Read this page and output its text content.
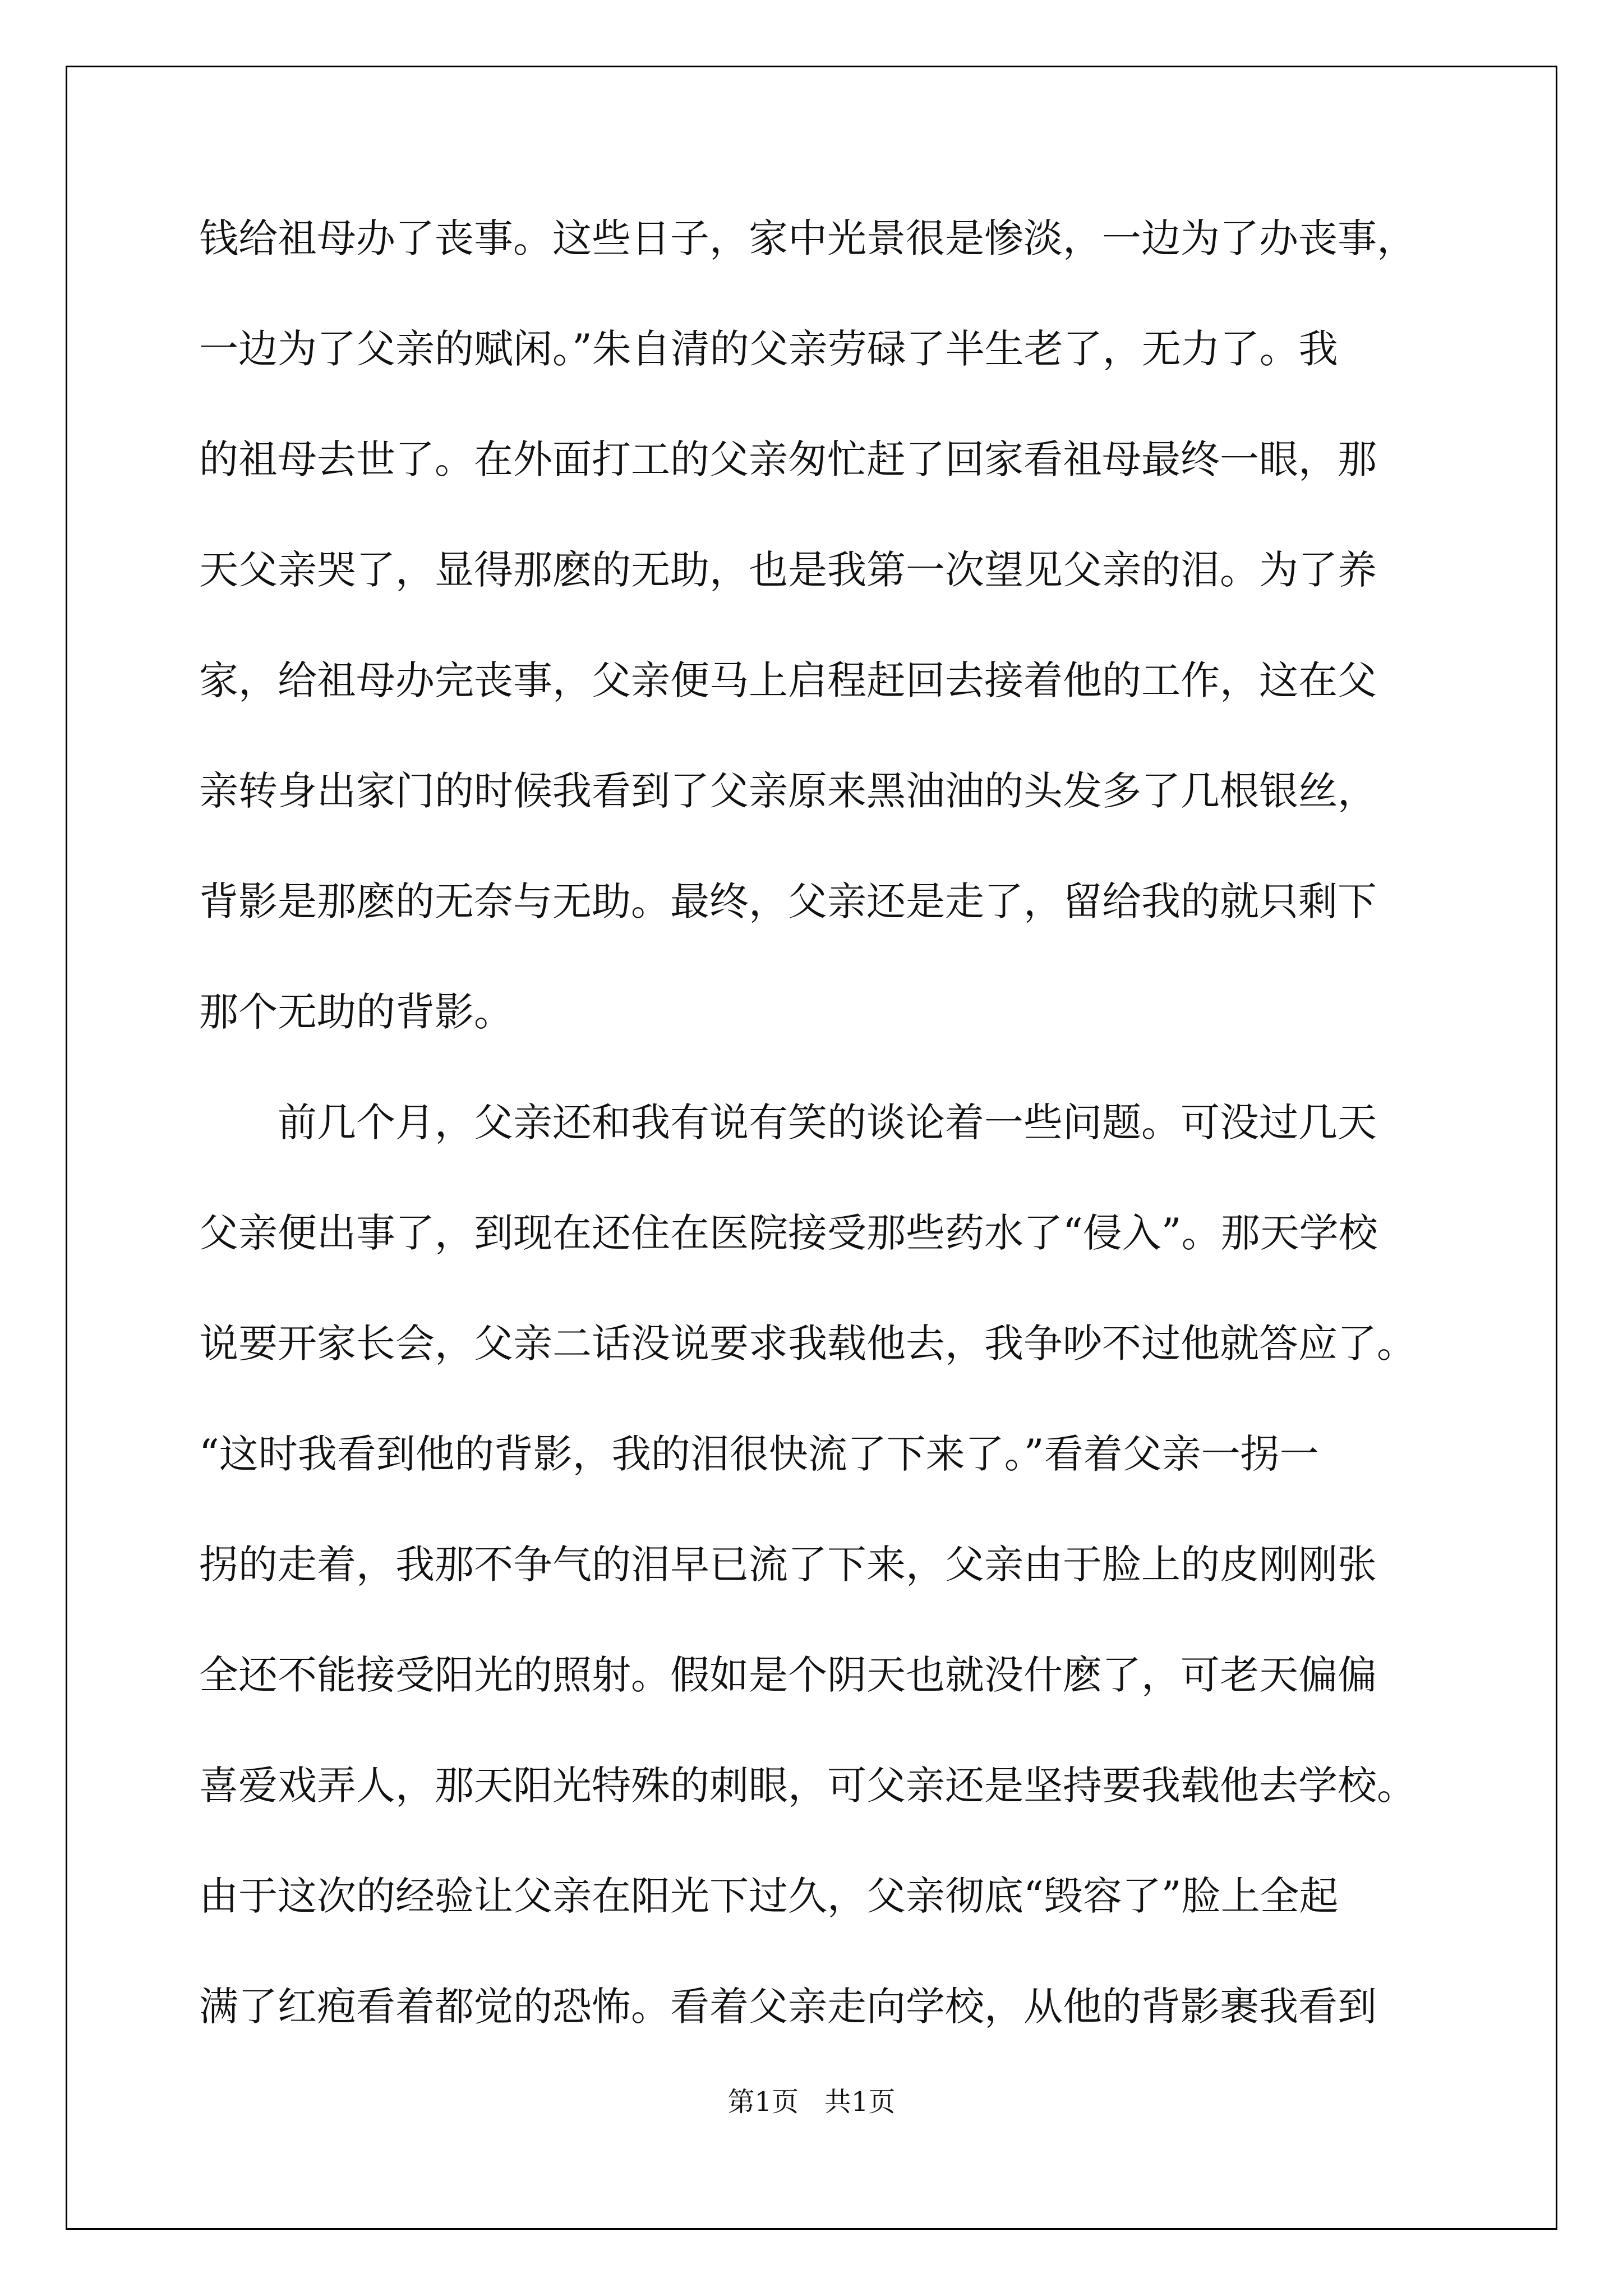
钱给祖母办了丧事。这些日子，家中光景很是惨淡，一边为了办丧事，
一边为了父亲的赋闲。”朱自清的父亲劳碌了半生老了，无力了。我
的祖母去世了。在外面打工的父亲匆忙赶了回家看祖母最终一眼，那
天父亲哭了，显得那麽的无助，也是我第一次望见父亲的泪。为了养
家，给祖母办完丧事，父亲便马上启程赶回去接着他的工作，这在父
亲转身出家门的时候我看到了父亲原来黑油油的头发多了几根银丝，
背影是那麽的无奈与无助。最终，父亲还是走了，留给我的就只剩下
那个无助的背影。
前几个月，父亲还和我有说有笑的谈论着一些问题。可没过几天
父亲便出事了，到现在还住在医院接受那些药水了“侵入”。那天学校
说要开家长会，父亲二话没说要求我载他去，我争吵不过他就答应了。
“这时我看到他的背影，我的泪很快流了下来了。”看着父亲一拐一
拐的走着，我那不争气的泪早已流了下来，父亲由于脸上的皮刚刚张
全还不能接受阳光的照射。假如是个阴天也就没什麽了，可老天偏偏
喜爱戏弄人，那天阳光特殊的刺眼，可父亲还是坚持要我载他去学校。
由于这次的经验让父亲在阳光下过久，父亲彻底“毁容了”脸上全起
满了红疱看着都觉的恐怖。看着父亲走向学校，从他的背影裹我看到
第1页   共1页
